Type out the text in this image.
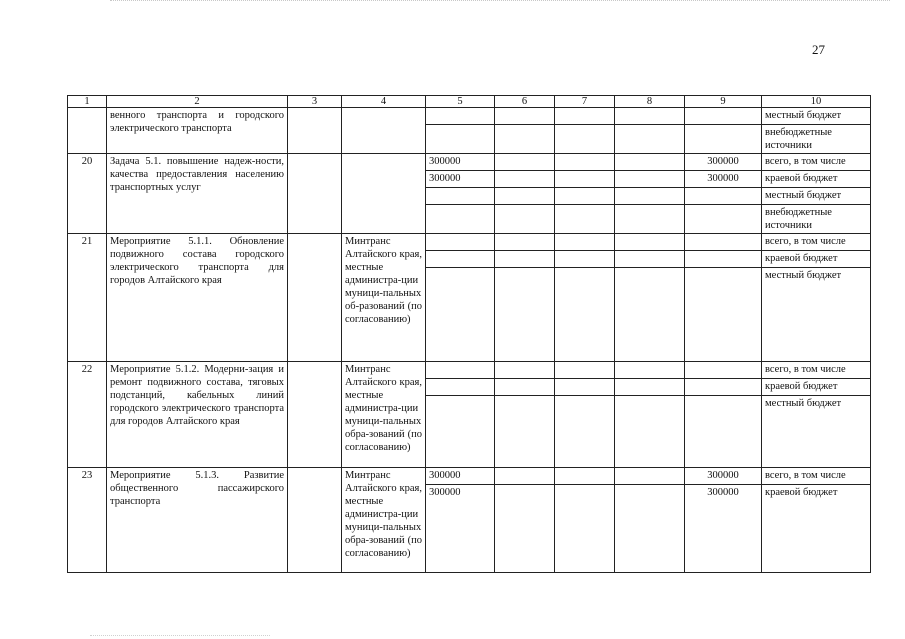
27
1	2	3	4	5	6	7	8	9	10
	венного транспорта и городского электрического транспорта								местный бюджет
									внебюджетные источники
20	Задача 5.1. повышение надеж-ности, качества предоставления населению транспортных услуг			300000				300000	всего, в том числе
				300000				300000	краевой бюджет
									местный бюджет
									внебюджетные источники
21	Мероприятие 5.1.1. Обновление подвижного состава городского электрического транспорта для городов Алтайского края		Минтранс Алтайского края, местные администра-ции муници-пальных об-разований (по согласованию)						всего, в том числе
									краевой бюджет
									местный бюджет
22	Мероприятие 5.1.2. Модерни-зация и ремонт подвижного состава, тяговых подстанций, кабельных линий городского электрического транспорта для городов Алтайского края		Минтранс Алтайского края, местные администра-ции муници-пальных обра-зований (по согласованию)						всего, в том числе
									краевой бюджет
									местный бюджет
23	Мероприятие 5.1.3. Развитие общественного пассажирского транспорта		Минтранс Алтайского края, местные администра-ции муници-пальных обра-зований (по согласованию)	300000				300000	всего, в том числе
				300000				300000	краевой бюджет
